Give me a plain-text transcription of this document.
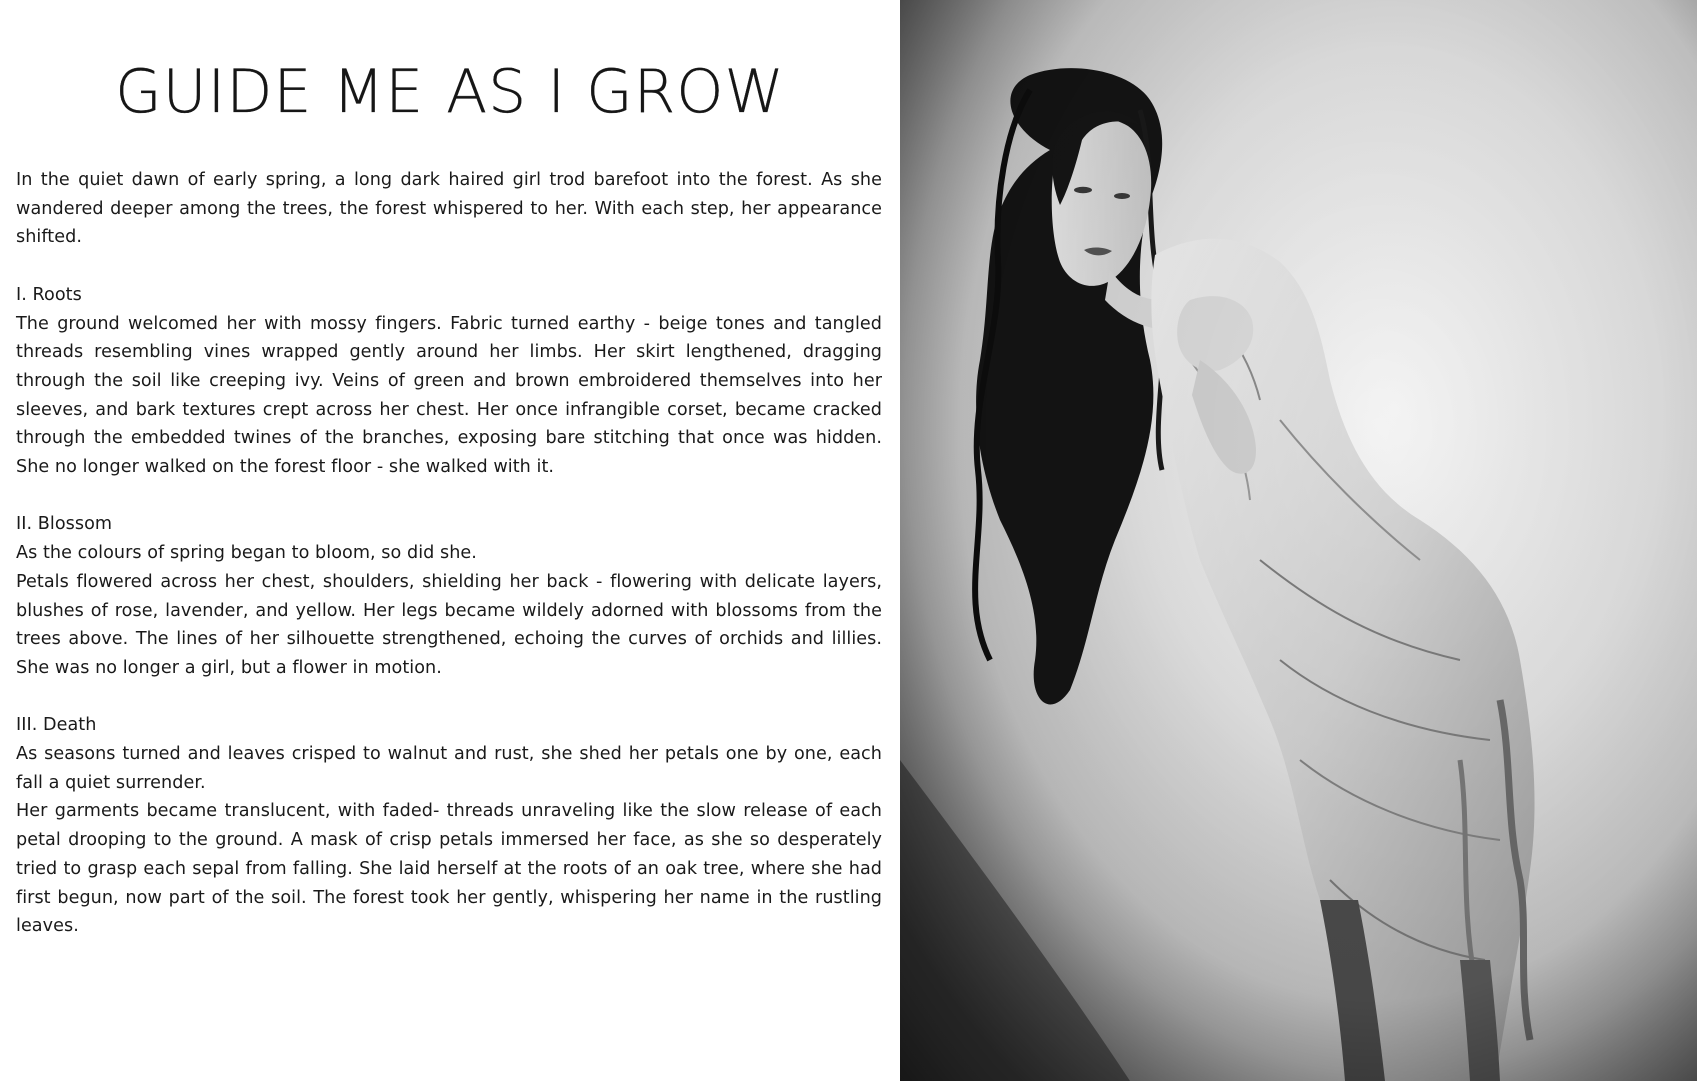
GUIDE ME AS I GROW

In the quiet dawn of early spring, a long dark haired girl trod barefoot into the forest. As she wandered deeper among the trees, the forest whispered to her. With each step, her appearance shifted.

I. Roots

The ground welcomed her with mossy fingers. Fabric turned earthy - beige tones and tangled threads resembling vines wrapped gently around her limbs. Her skirt lengthened, dragging through the soil like creeping ivy. Veins of green and brown embroidered themselves into her sleeves, and bark textures crept across her chest. Her once infrangible corset, became cracked through the embedded twines of the branches, exposing bare stitching that once was hidden. She no longer walked on the forest floor - she walked with it.

II. Blossom

As the colours of spring began to bloom, so did she.

Petals flowered across her chest, shoulders, shielding her back - flowering with delicate layers, blushes of rose, lavender, and yellow. Her legs became wildely adorned with blossoms from the trees above. The lines of her silhouette strengthened, echoing the curves of orchids and lillies. She was no longer a girl, but a flower in motion.

III. Death

As seasons turned and leaves crisped to walnut and rust, she shed her petals one by one, each fall a quiet surrender.

Her garments became translucent, with faded- threads unraveling like the slow release of each petal drooping to the ground. A mask of crisp petals immersed her face, as she so desperately tried to grasp each sepal from falling. She laid herself at the roots of an oak tree, where she had first begun, now part of the soil. The forest took her gently, whispering her name in the rustling leaves.
